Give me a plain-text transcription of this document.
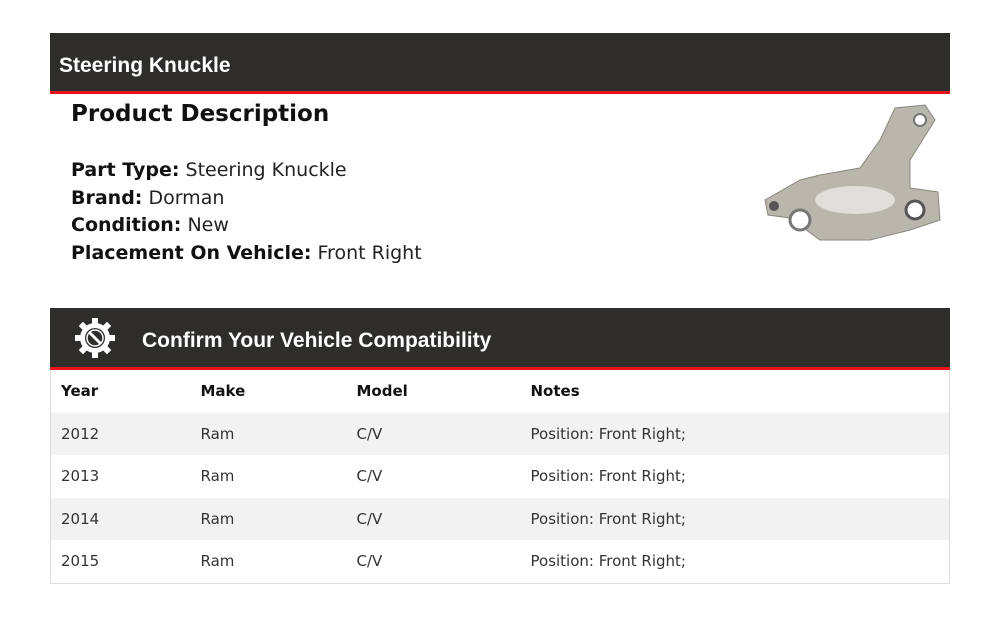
Steering Knuckle
Product Description
Part Type: Steering Knuckle
Brand: Dorman
Condition: New
Placement On Vehicle: Front Right
Confirm Your Vehicle Compatibility
Year	Make	Model	Notes
2012	Ram	C/V	Position: Front Right;
2013	Ram	C/V	Position: Front Right;
2014	Ram	C/V	Position: Front Right;
2015	Ram	C/V	Position: Front Right;
